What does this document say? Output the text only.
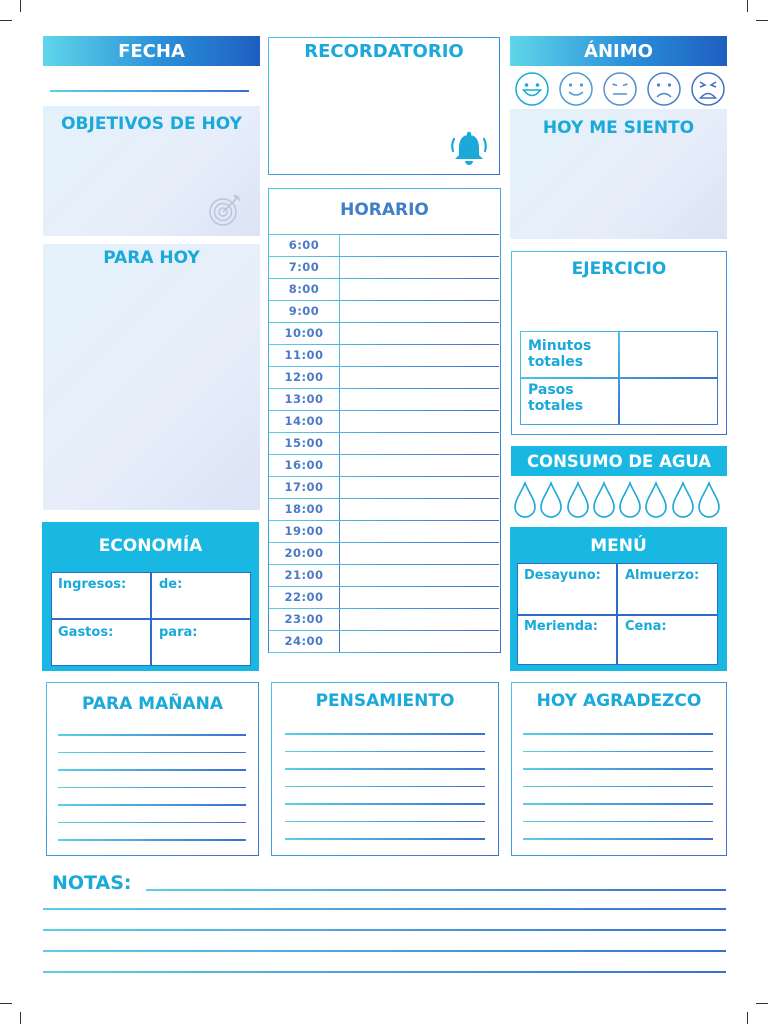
FECHA
OBJETIVOS DE HOY
PARA HOY
ECONOMÍA
Ingresos:	de:
Gastos:	para:
RECORDATORIO
HORARIO
6:00
7:00
8:00
9:00
10:00
11:00
12:00
13:00
14:00
15:00
16:00
17:00
18:00
19:00
20:00
21:00
22:00
23:00
24:00
ÁNIMO
HOY ME SIENTO
EJERCICIO
Minutos totales
Pasos totales
CONSUMO DE AGUA
MENÚ
Desayuno: Almuerzo:
Merienda: Cena:
PARA MAÑANA	PENSAMIENTO	HOY AGRADEZCO
NOTAS:
